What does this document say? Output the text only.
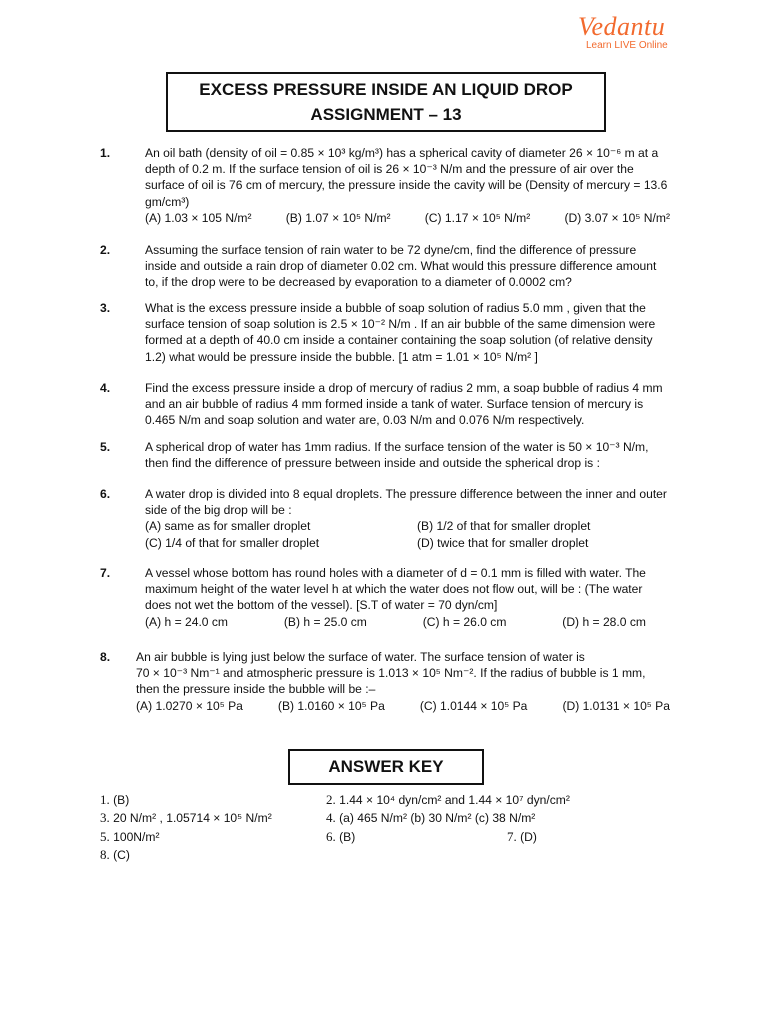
Vedantu
Learn LIVE Online
EXCESS PRESSURE INSIDE AN LIQUID DROP
ASSIGNMENT – 13
1.	An oil bath (density of oil = 0.85 × 10³ kg/m³) has a spherical cavity of diameter 26 × 10⁻⁶ m at a depth of 0.2 m. If the surface tension of oil is 26 × 10⁻³ N/m and the pressure of air over the surface of oil is 76 cm of mercury, the pressure inside the cavity will be (Density of mercury = 13.6 gm/cm³)
(A) 1.03 × 105 N/m²	(B) 1.07 × 10⁵ N/m²	(C) 1.17 × 10⁵ N/m²	(D) 3.07 × 10⁵ N/m²
2.	Assuming the surface tension of rain water to be 72 dyne/cm, find the difference of pressure inside and outside a rain drop of diameter 0.02 cm. What would this pressure difference amount to, if the drop were to be decreased by evaporation to a diameter of 0.0002 cm?
3.	What is the excess pressure inside a bubble of soap solution of radius 5.0 mm , given that the surface tension of soap solution is 2.5 × 10⁻² N/m . If an air bubble of the same dimension were formed at a depth of 40.0 cm inside a container containing the soap solution (of relative density 1.2) what would be pressure inside the bubble. [1 atm = 1.01 × 10⁵ N/m² ]
4.	Find the excess pressure inside a drop of mercury of radius 2 mm, a soap bubble of radius 4 mm and an air bubble of radius 4 mm formed inside a tank of water. Surface tension of mercury is 0.465 N/m and soap solution and water are, 0.03 N/m and 0.076 N/m respectively.
5.	A spherical drop of water has 1mm radius. If the surface tension of the water is 50 × 10⁻³ N/m, then find the difference of pressure between inside and outside the spherical drop is :
6.	A water drop is divided into 8 equal droplets. The pressure difference between the inner and outer side of the big drop will be :
(A) same as for smaller droplet	(B) 1/2 of that for smaller droplet
(C) 1/4 of that for smaller droplet	(D) twice that for smaller droplet
7.	A vessel whose bottom has round holes with a diameter of d = 0.1 mm is filled with water. The maximum height of the water level h at which the water does not flow out, will be : (The water does not wet the bottom of the vessel). [S.T of water = 70 dyn/cm]
(A) h = 24.0 cm	(B) h = 25.0 cm	(C) h = 26.0 cm	(D) h = 28.0 cm
8. An air bubble is lying just below the surface of water. The surface tension of water is
70 × 10⁻³ Nm⁻¹ and atmospheric pressure is 1.013 × 10⁵ Nm⁻². If the radius of bubble is 1 mm,
then the pressure inside the bubble will be :–
(A) 1.0270 × 10⁵ Pa	(B) 1.0160 × 10⁵ Pa	(C) 1.0144 × 10⁵ Pa	(D) 1.0131 × 10⁵ Pa
ANSWER KEY
1. (B)	2. 1.44 × 10⁴ dyn/cm² and 1.44 × 10⁷ dyn/cm²
3. 20 N/m² , 1.05714 × 10⁵ N/m²	4. (a) 465 N/m² (b) 30 N/m² (c) 38 N/m²
5. 100N/m²	6. (B)	7. (D)
8. (C)
